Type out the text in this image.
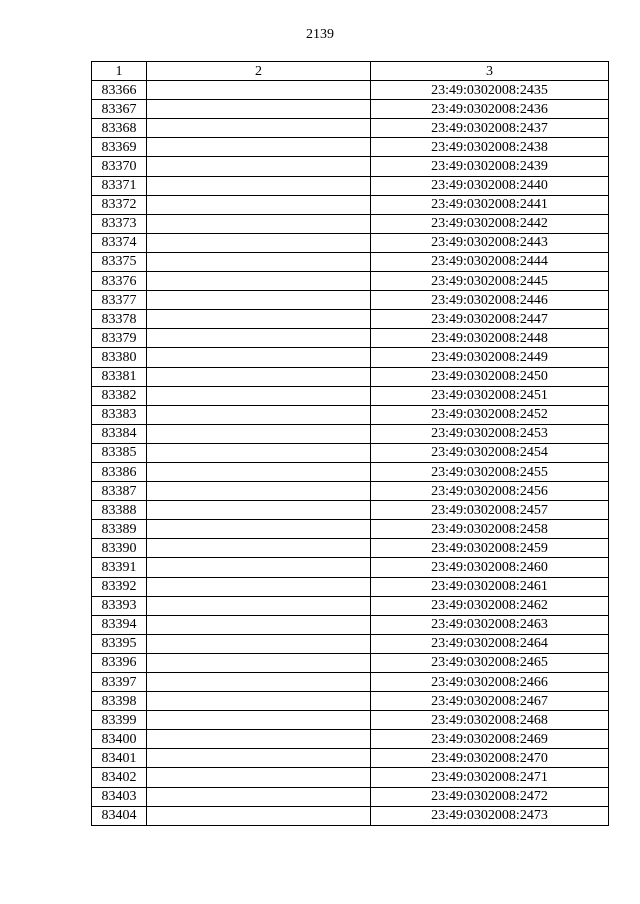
2139
1	2	3
83366		23:49:0302008:2435
83367		23:49:0302008:2436
83368		23:49:0302008:2437
83369		23:49:0302008:2438
83370		23:49:0302008:2439
83371		23:49:0302008:2440
83372		23:49:0302008:2441
83373		23:49:0302008:2442
83374		23:49:0302008:2443
83375		23:49:0302008:2444
83376		23:49:0302008:2445
83377		23:49:0302008:2446
83378		23:49:0302008:2447
83379		23:49:0302008:2448
83380		23:49:0302008:2449
83381		23:49:0302008:2450
83382		23:49:0302008:2451
83383		23:49:0302008:2452
83384		23:49:0302008:2453
83385		23:49:0302008:2454
83386		23:49:0302008:2455
83387		23:49:0302008:2456
83388		23:49:0302008:2457
83389		23:49:0302008:2458
83390		23:49:0302008:2459
83391		23:49:0302008:2460
83392		23:49:0302008:2461
83393		23:49:0302008:2462
83394		23:49:0302008:2463
83395		23:49:0302008:2464
83396		23:49:0302008:2465
83397		23:49:0302008:2466
83398		23:49:0302008:2467
83399		23:49:0302008:2468
83400		23:49:0302008:2469
83401		23:49:0302008:2470
83402		23:49:0302008:2471
83403		23:49:0302008:2472
83404		23:49:0302008:2473
